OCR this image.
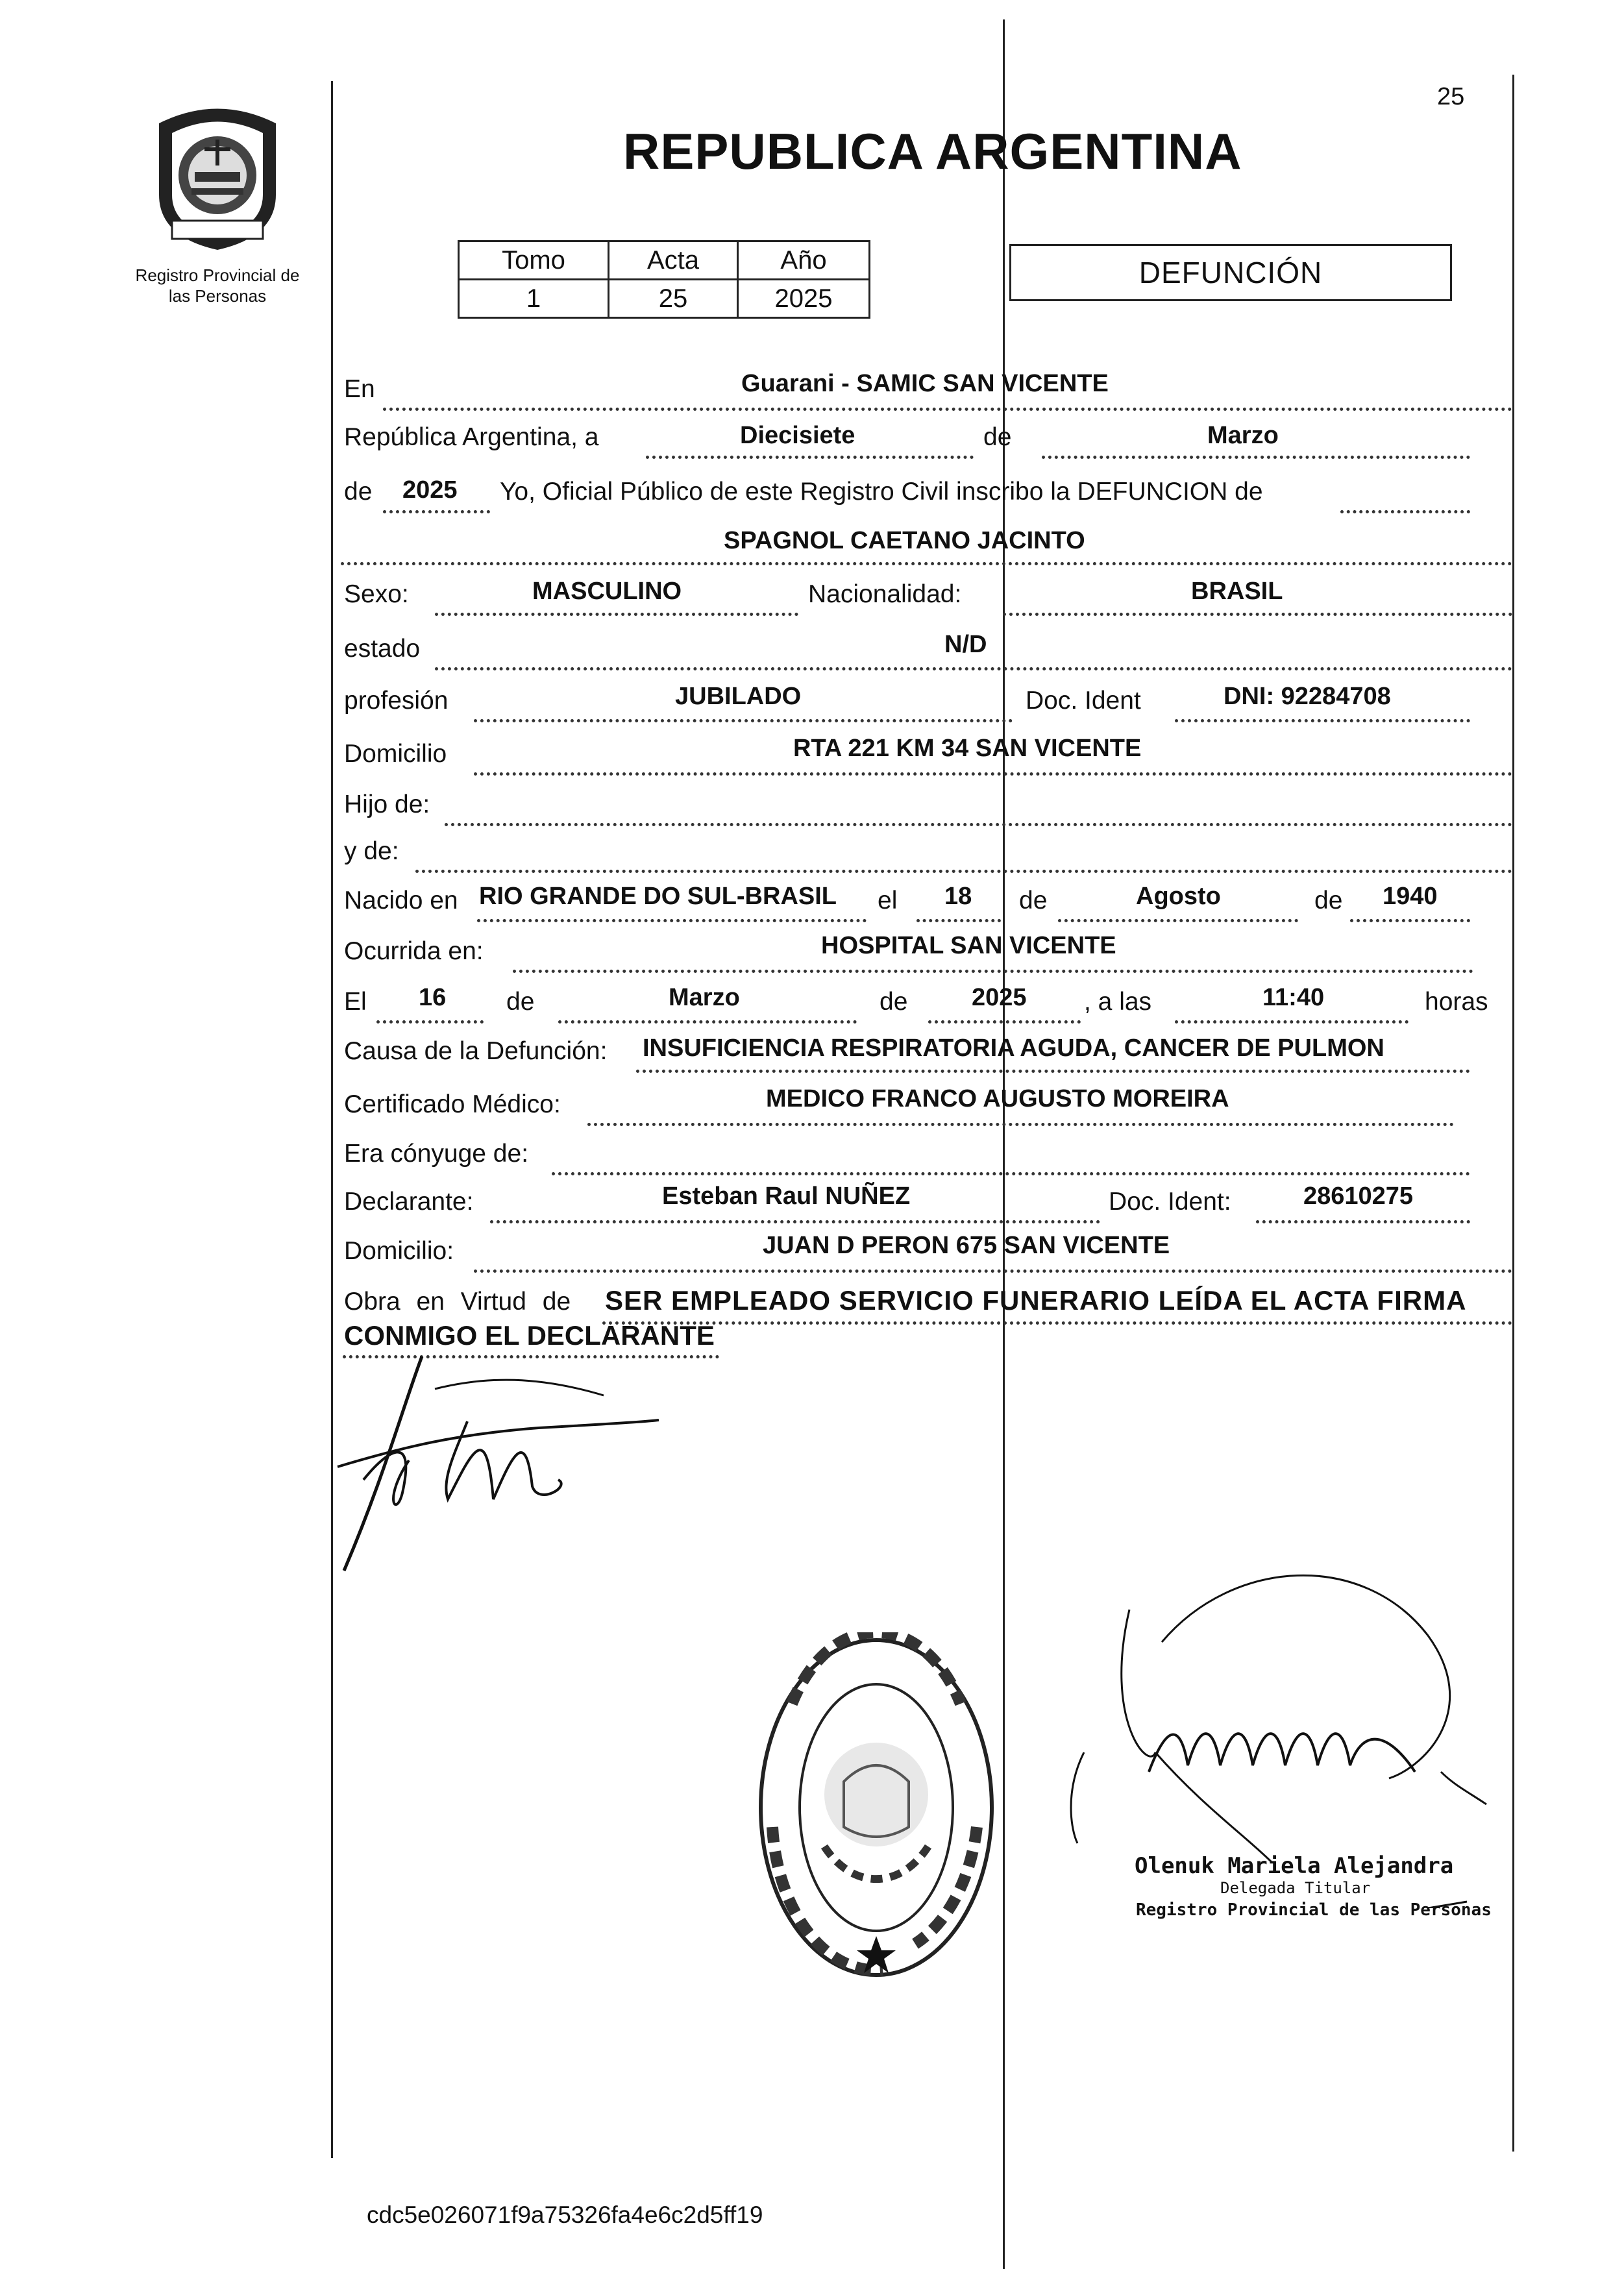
Registro Provincial de
las Personas
25
REPUBLICA ARGENTINA
Tomo	Acta	Año
1	25	2025
DEFUNCIÓN
En	Guarani - SAMIC SAN VICENTE
República Argentina, a	Diecisiete	de	Marzo
de 2025 Yo, Oficial Público de este Registro Civil inscribo la DEFUNCION de
SPAGNOL CAETANO JACINTO
Sexo:	MASCULINO	Nacionalidad:	BRASIL
estado	N/D
profesión	JUBILADO	Doc. Ident	DNI: 92284708
Domicilio	RTA 221 KM 34 SAN VICENTE
Hijo de:
y de:
Nacido en RIO GRANDE DO SUL-BRASIL el 18 de	Agosto	de 1940
Ocurrida en:	HOSPITAL SAN VICENTE
El 16 de	Marzo	de	2025 , a las	11:40	horas
Causa de la Defunción: INSUFICIENCIA RESPIRATORIA AGUDA, CANCER DE PULMON
Certificado Médico:	MEDICO FRANCO AUGUSTO MOREIRA
Era cónyuge de:
Declarante:	Esteban Raul NUÑEZ	Doc. Ident:	28610275
Domicilio:	JUAN D PERON 675 SAN VICENTE
Obra en Virtud de SER EMPLEADO SERVICIO FUNERARIO LEÍDA EL ACTA FIRMA
CONMIGO EL DECLARANTE
Olenuk Mariela Alejandra
Delegada Titular
Registro Provincial de las Personas
cdc5e026071f9a75326fa4e6c2d5ff19
